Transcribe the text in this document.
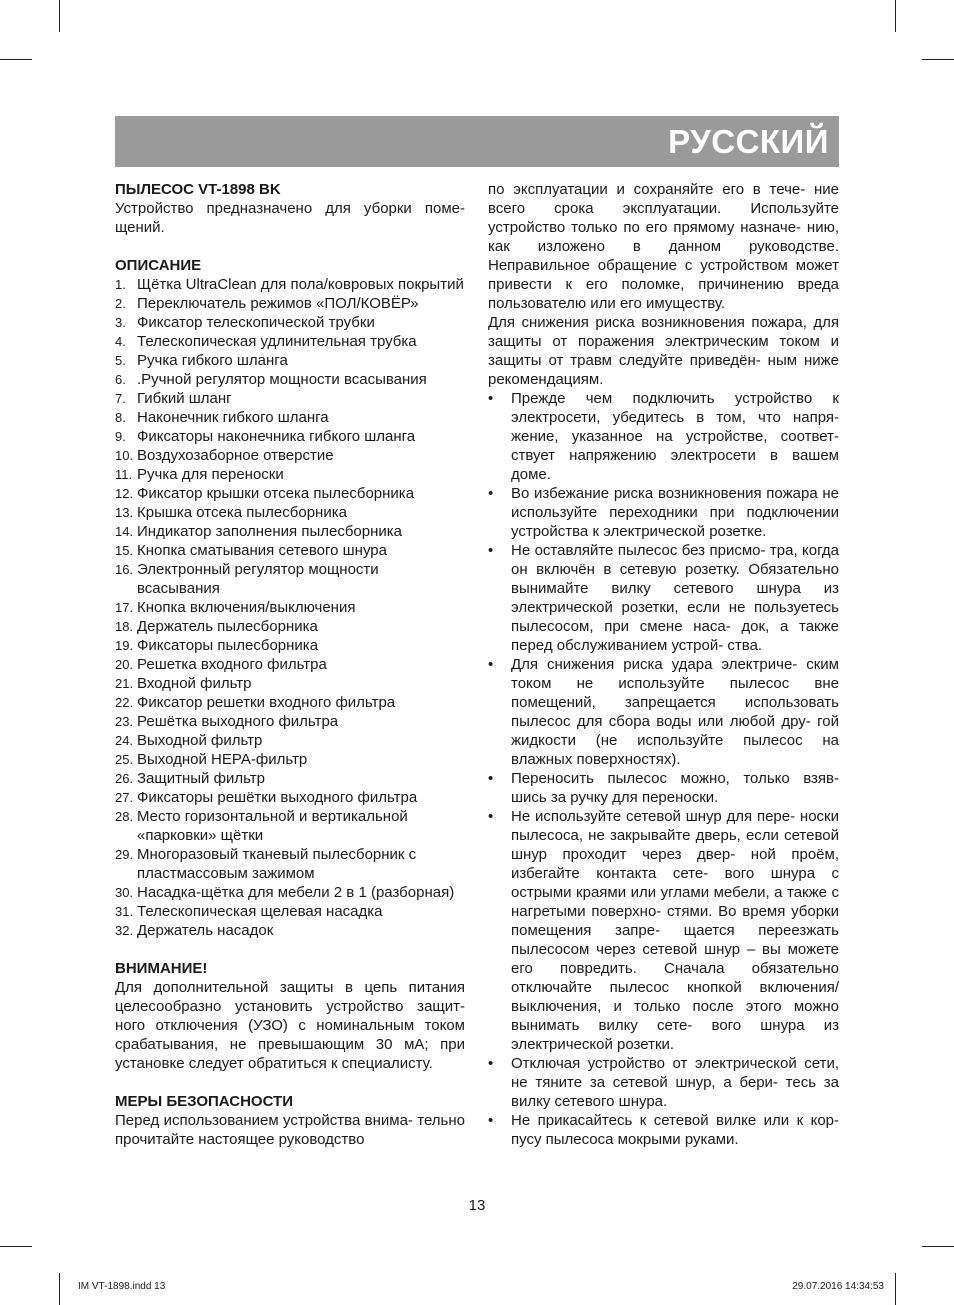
РУССКИЙ

ПЫЛЕСОС VT-1898 BK

Устройство предназначено для уборки поме- щений.

ОПИСАНИЕ

1. Щётка UltraClean для пола/ковровых покрытий
2. Переключатель режимов «ПОЛ/КОВЁР»
3. Фиксатор телескопической трубки
4. Телескопическая удлинительная трубка
5. Ручка гибкого шланга
6. .Ручной регулятор мощности всасывания
7. Гибкий шланг
8. Наконечник гибкого шланга
9. Фиксаторы наконечника гибкого шланга
10. Воздухозаборное отверстие
11. Ручка для переноски
12. Фиксатор крышки отсека пылесборника
13. Крышка отсека пылесборника
14. Индикатор заполнения пылесборника
15. Кнопка сматывания сетевого шнура
16. Электронный регулятор мощности всасывания
17. Кнопка включения/выключения
18. Держатель пылесборника
19. Фиксаторы пылесборника
20. Решетка входного фильтра
21. Входной фильтр
22. Фиксатор решетки входного фильтра
23. Решётка выходного фильтра
24. Выходной фильтр
25. Выходной НЕРА-фильтр
26. Защитный фильтр
27. Фиксаторы решётки выходного фильтра
28. Место горизонтальной и вертикальной «парковки» щётки
29. Многоразовый тканевый пылесборник с пластмассовым зажимом
30. Насадка-щётка для мебели 2 в 1 (разборная)
31. Телескопическая щелевая насадка
32. Держатель насадок

ВНИМАНИЕ!

Для дополнительной защиты в цепь питания целесообразно установить устройство защит- ного отключения (УЗО) с номинальным током срабатывания, не превышающим 30 мА; при установке следует обратиться к специалисту.

МЕРЫ БЕЗОПАСНОСТИ

Перед использованием устройства внима- тельно прочитайте настоящее руководство

по эксплуатации и сохраняйте его в тече- ние всего срока эксплуатации. Используйте устройство только по его прямому назначе- нию, как изложено в данном руководстве. Неправильное обращение с устройством может привести к его поломке, причинению вреда пользователю или его имуществу.

Для снижения риска возникновения пожара, для защиты от поражения электрическим током и защиты от травм следуйте приведён- ным ниже рекомендациям.

• Прежде чем подключить устройство к электросети, убедитесь в том, что напря- жение, указанное на устройстве, соответ- ствует напряжению электросети в вашем доме.
• Во избежание риска возникновения пожара не используйте переходники при подключении устройства к электрической розетке.
• Не оставляйте пылесос без присмо- тра, когда он включён в сетевую розетку. Обязательно вынимайте вилку сетевого шнура из электрической розетки, если не пользуетесь пылесосом, при смене наса- док, а также перед обслуживанием устрой- ства.
• Для снижения риска удара электриче- ским током не используйте пылесос вне помещений, запрещается использовать пылесос для сбора воды или любой дру- гой жидкости (не используйте пылесос на влажных поверхностях).
• Переносить пылесос можно, только взяв- шись за ручку для переноски.
• Не используйте сетевой шнур для пере- носки пылесоса, не закрывайте дверь, если сетевой шнур проходит через двер- ной проём, избегайте контакта сете- вого шнура с острыми краями или углами мебели, а также с нагретыми поверхно- стями. Во время уборки помещения запре- щается переезжать пылесосом через сетевой шнур – вы можете его повредить. Сначала обязательно отключайте пылесос кнопкой включения/выключения, и только после этого можно вынимать вилку сете- вого шнура из электрической розетки.
• Отключая устройство от электрической сети, не тяните за сетевой шнур, а бери- тесь за вилку сетевого шнура.
• Не прикасайтесь к сетевой вилке или к кор- пусу пылесоса мокрыми руками.
13
IM VT-1898.indd 13	29.07.2016 14:34:53
